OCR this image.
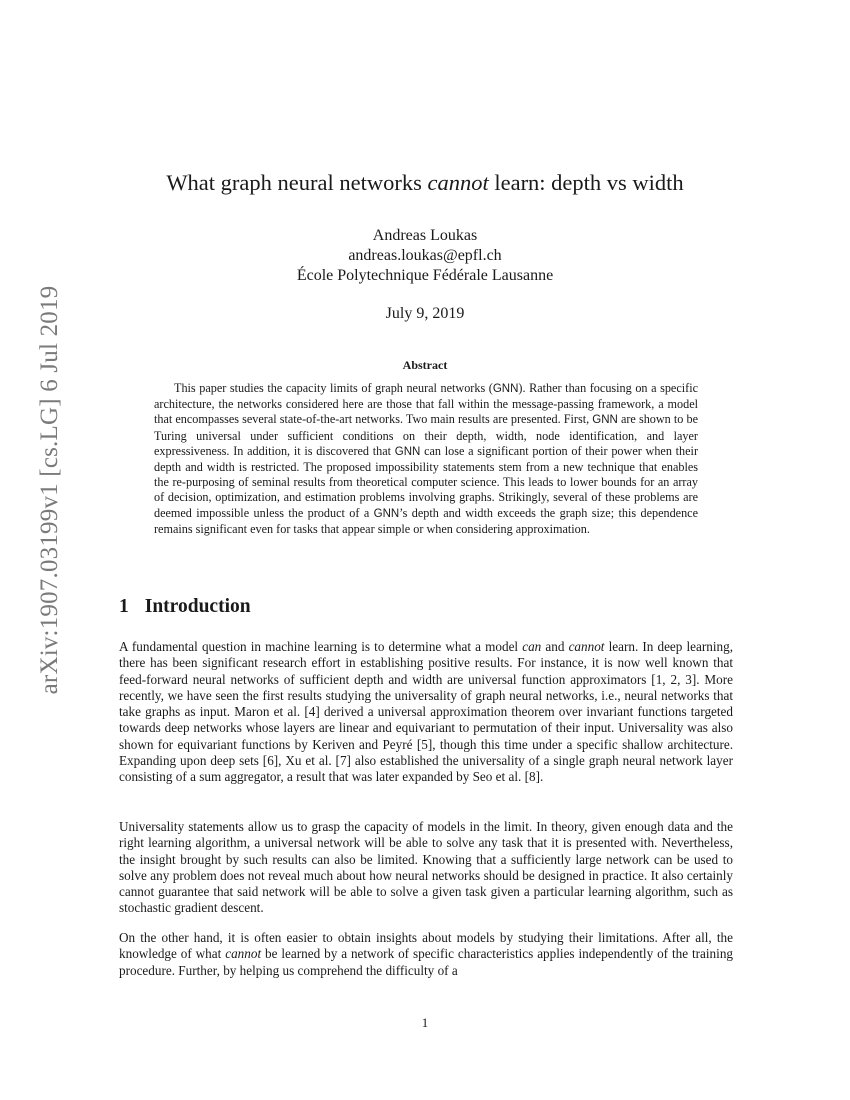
arXiv:1907.03199v1 [cs.LG] 6 Jul 2019
What graph neural networks cannot learn: depth vs width
Andreas Loukas
andreas.loukas@epfl.ch
École Polytechnique Fédérale Lausanne
July 9, 2019
Abstract

This paper studies the capacity limits of graph neural networks (GNN). Rather than focusing on a specific architecture, the networks considered here are those that fall within the message-passing framework, a model that encompasses several state-of-the-art networks. Two main results are presented. First, GNN are shown to be Turing universal under sufficient conditions on their depth, width, node identification, and layer expressiveness. In addition, it is discovered that GNN can lose a significant portion of their power when their depth and width is restricted. The proposed impossibility statements stem from a new technique that enables the re-purposing of seminal results from theoretical computer science. This leads to lower bounds for an array of decision, optimization, and estimation problems involving graphs. Strikingly, several of these problems are deemed impossible unless the product of a GNN’s depth and width exceeds the graph size; this dependence remains significant even for tasks that appear simple or when considering approximation.

1 Introduction

A fundamental question in machine learning is to determine what a model can and cannot learn. In deep learning, there has been significant research effort in establishing positive results. For instance, it is now well known that feed-forward neural networks of sufficient depth and width are universal function approximators [1, 2, 3]. More recently, we have seen the first results studying the universality of graph neural networks, i.e., neural networks that take graphs as input. Maron et al. [4] derived a universal approximation theorem over invariant functions targeted towards deep networks whose layers are linear and equivariant to permutation of their input. Universality was also shown for equivariant functions by Keriven and Peyré [5], though this time under a specific shallow architecture. Expanding upon deep sets [6], Xu et al. [7] also established the universality of a single graph neural network layer consisting of a sum aggregator, a result that was later expanded by Seo et al. [8].

Universality statements allow us to grasp the capacity of models in the limit. In theory, given enough data and the right learning algorithm, a universal network will be able to solve any task that it is presented with. Nevertheless, the insight brought by such results can also be limited. Knowing that a sufficiently large network can be used to solve any problem does not reveal much about how neural networks should be designed in practice. It also certainly cannot guarantee that said network will be able to solve a given task given a particular learning algorithm, such as stochastic gradient descent.

On the other hand, it is often easier to obtain insights about models by studying their limitations. After all, the knowledge of what cannot be learned by a network of specific characteristics applies independently of the training procedure. Further, by helping us comprehend the difficulty of a

1
